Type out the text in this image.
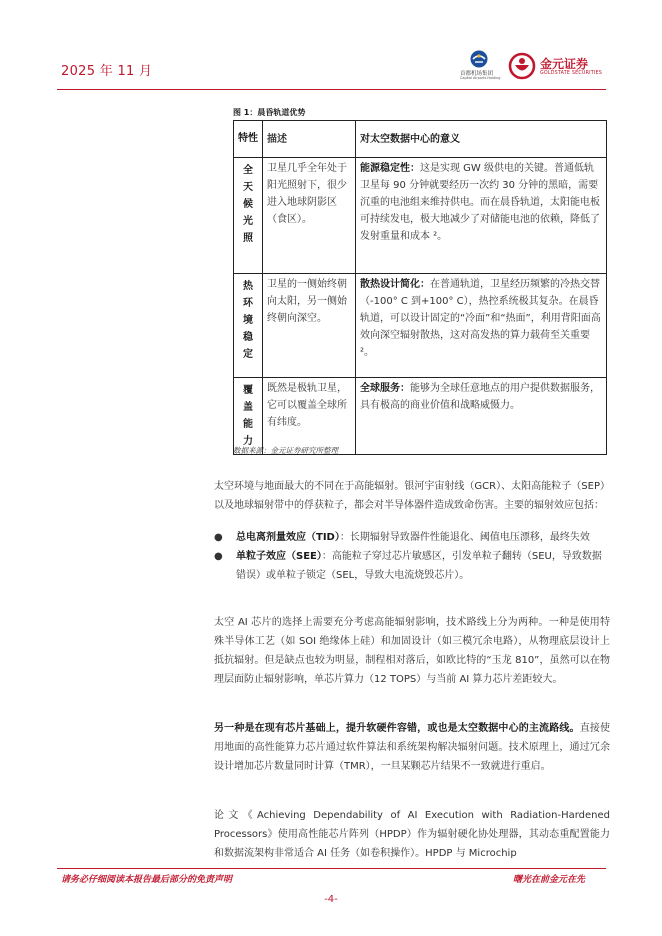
2025 年 11 月	首都机场集团
Capital Airports Holding
金元证券
GOLDSTATE SECURITIES
图 1：晨昏轨道优势
特性	描述	对太空数据中心的意义

全
天
候
光
照	卫星几乎全年处于阳光照射下，很少进入地球阴影区（食区）。	能源稳定性：这是实现 GW 级供电的关键。普通低轨卫星每 90 分钟就要经历一次约 30 分钟的黑暗，需要沉重的电池组来维持供电。而在晨昏轨道，太阳能电板可持续发电，极大地减少了对储能电池的依赖，降低了发射重量和成本 ²。

热
环
境
稳
定	卫星的一侧始终朝向太阳，另一侧始终朝向深空。	散热设计简化：在普通轨道，卫星经历频繁的冷热交替（-100° C 到+100° C），热控系统极其复杂。在晨昏轨道，可以设计固定的“冷面”和“热面”，利用背阳面高效向深空辐射散热，这对高发热的算力载荷至关重要 ²。

覆
盖
能
力	既然是极轨卫星，它可以覆盖全球所有纬度。	全球服务：能够为全球任意地点的用户提供数据服务，具有极高的商业价值和战略威慑力。
数据来源：金元证券研究所整理
太空环境与地面最大的不同在于高能辐射。银河宇宙射线（GCR）、太阳高能粒子（SEP）以及地球辐射带中的俘获粒子，都会对半导体器件造成致命伤害。主要的辐射效应包括：
● 总电离剂量效应（TID）：长期辐射导致器件性能退化、阈值电压漂移，最终失效
● 单粒子效应（SEE）：高能粒子穿过芯片敏感区，引发单粒子翻转（SEU，导致数据错误）或单粒子锁定（SEL，导致大电流烧毁芯片）。
太空 AI 芯片的选择上需要充分考虑高能辐射影响，技术路线上分为两种。一种是使用特殊半导体工艺（如 SOI 绝缘体上硅）和加固设计（如三模冗余电路），从物理底层设计上抵抗辐射。但是缺点也较为明显，制程相对落后，如欧比特的“玉龙 810”，虽然可以在物理层面防止辐射影响，单芯片算力（12 TOPS）与当前 AI 算力芯片差距较大。
另一种是在现有芯片基础上，提升软硬件容错，或也是太空数据中心的主流路线。直接使用地面的高性能算力芯片通过软件算法和系统架构解决辐射问题。技术原理上，通过冗余设计增加芯片数量同时计算（TMR），一旦某颗芯片结果不一致就进行重启。
论文《Achieving Dependability of AI Execution with Radiation-Hardened Processors》使用高性能芯片阵列（HPDP）作为辐射硬化协处理器，其动态重配置能力和数据流架构非常适合 AI 任务（如卷积操作）。HPDP 与 Microchip
请务必仔细阅读本报告最后部分的免责声明	曙光在前金元在先
-4-
